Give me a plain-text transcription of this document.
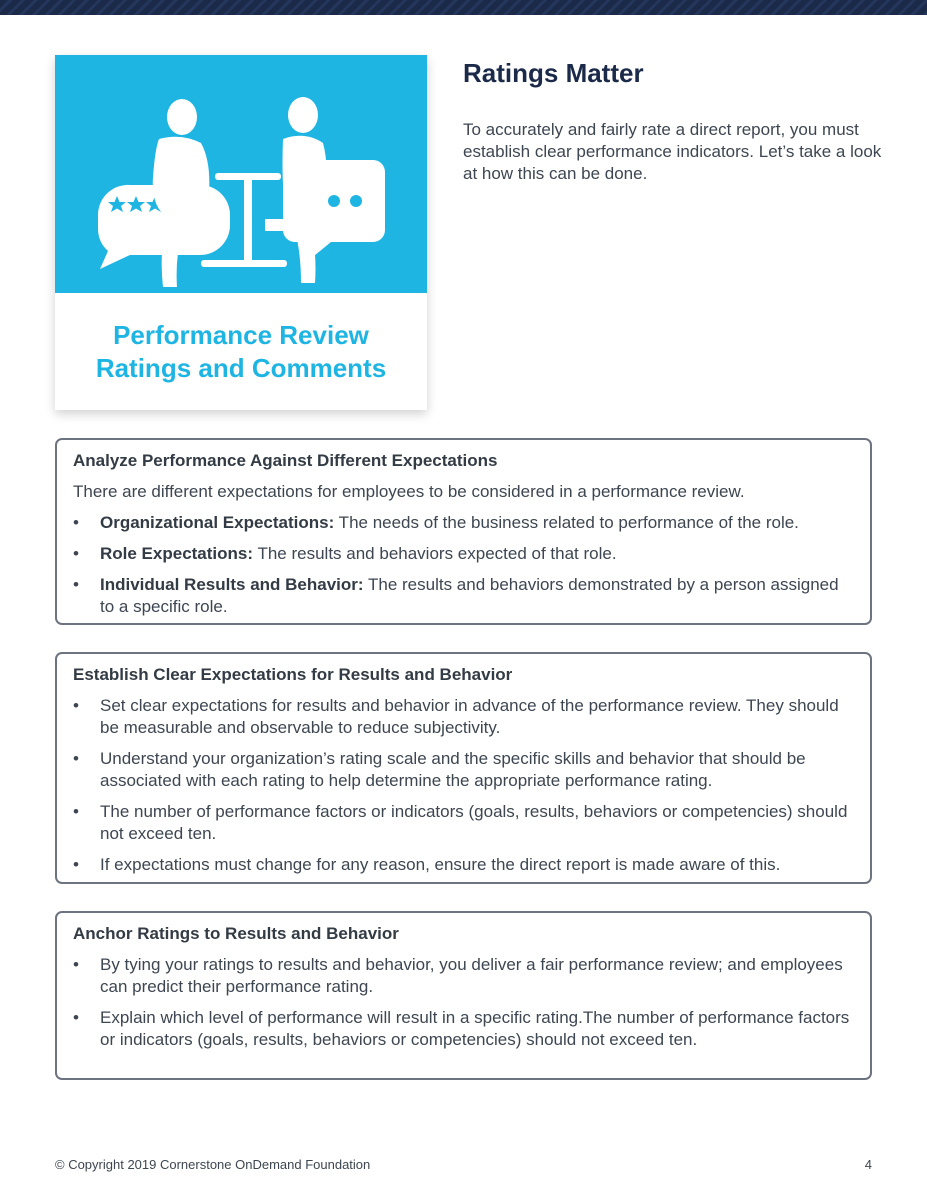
Performance Review
Ratings and Comments
Ratings Matter
To accurately and fairly rate a direct report, you must establish clear performance indicators. Let’s take a look at how this can be done.
Analyze Performance Against Different Expectations
There are different expectations for employees to be considered in a performance review.
• Organizational Expectations: The needs of the business related to performance of the role.
• Role Expectations: The results and behaviors expected of that role.
• Individual Results and Behavior: The results and behaviors demonstrated by a person assigned to a specific role.
Establish Clear Expectations for Results and Behavior
• Set clear expectations for results and behavior in advance of the performance review. They should be measurable and observable to reduce subjectivity.
• Understand your organization’s rating scale and the specific skills and behavior that should be associated with each rating to help determine the appropriate performance rating.
• The number of performance factors or indicators (goals, results, behaviors or competencies) should not exceed ten.
• If expectations must change for any reason, ensure the direct report is made aware of this.
Anchor Ratings to Results and Behavior
• By tying your ratings to results and behavior, you deliver a fair performance review; and employees can predict their performance rating.
• Explain which level of performance will result in a specific rating.The number of performance factors or indicators (goals, results, behaviors or competencies) should not exceed ten.
© Copyright 2019 Cornerstone OnDemand Foundation	4
